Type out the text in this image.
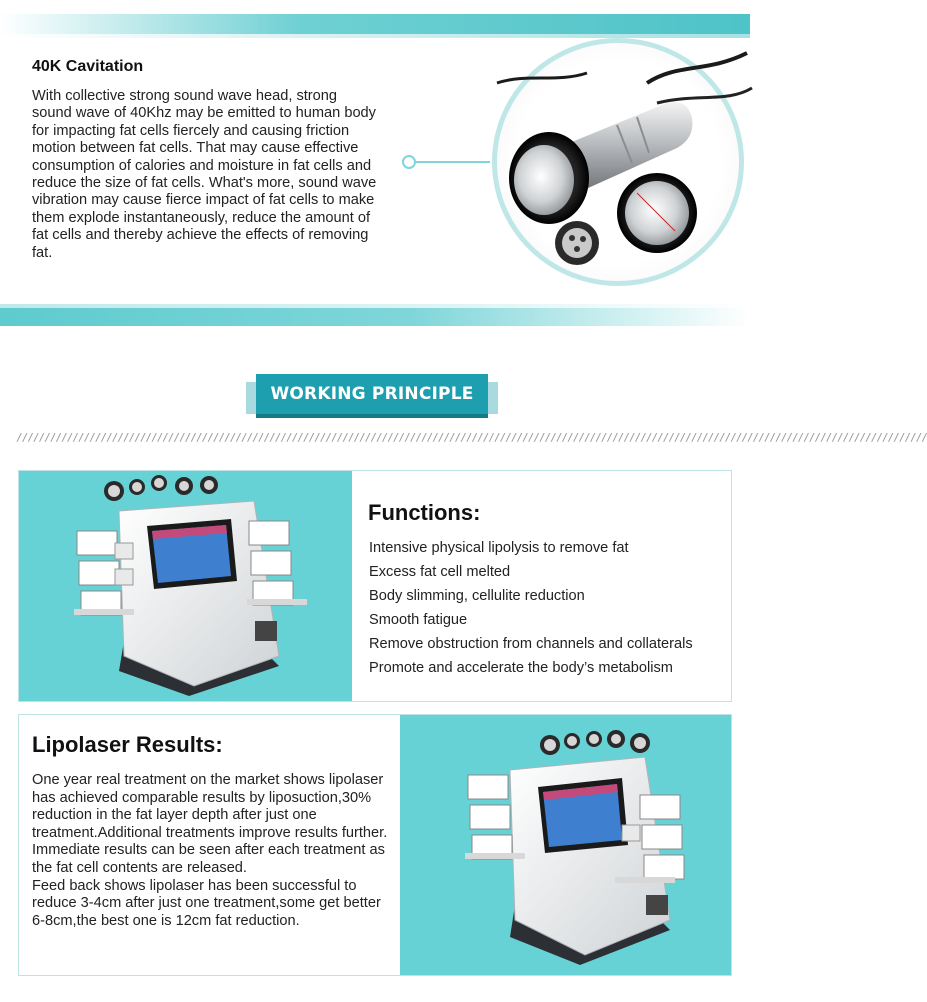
40K Cavitation
With collective strong sound wave head, strong sound wave of 40Khz may be emitted to human body for impacting fat cells fiercely and causing friction motion between fat cells. That may cause effective consumption of calories and moisture in fat cells and reduce the size of fat cells. What's more, sound wave vibration may cause fierce impact of fat cells to make them explode instantaneously, reduce the amount of fat cells and thereby achieve the effects of removing fat.
WORKING PRINCIPLE
//////////////////////////////////////////////////////////////////////////////////////////////////////////////////////////////////////////////////////////////////
Functions:
Intensive physical lipolysis to remove fat
Excess fat cell melted
Body slimming, cellulite reduction
Smooth fatigue
Remove obstruction from channels and collaterals
Promote and accelerate the body’s metabolism
Lipolaser Results:

One year real treatment on the market shows lipolaser has achieved comparable results by liposuction,30% reduction in the fat layer depth after just one treatment.Additional treatments improve results further. Immediate results can be seen after each treatment as the fat cell contents are released.

Feed back shows lipolaser has been successful to reduce 3-4cm after just one treatment,some get better 6-8cm,the best one is 12cm fat reduction.
